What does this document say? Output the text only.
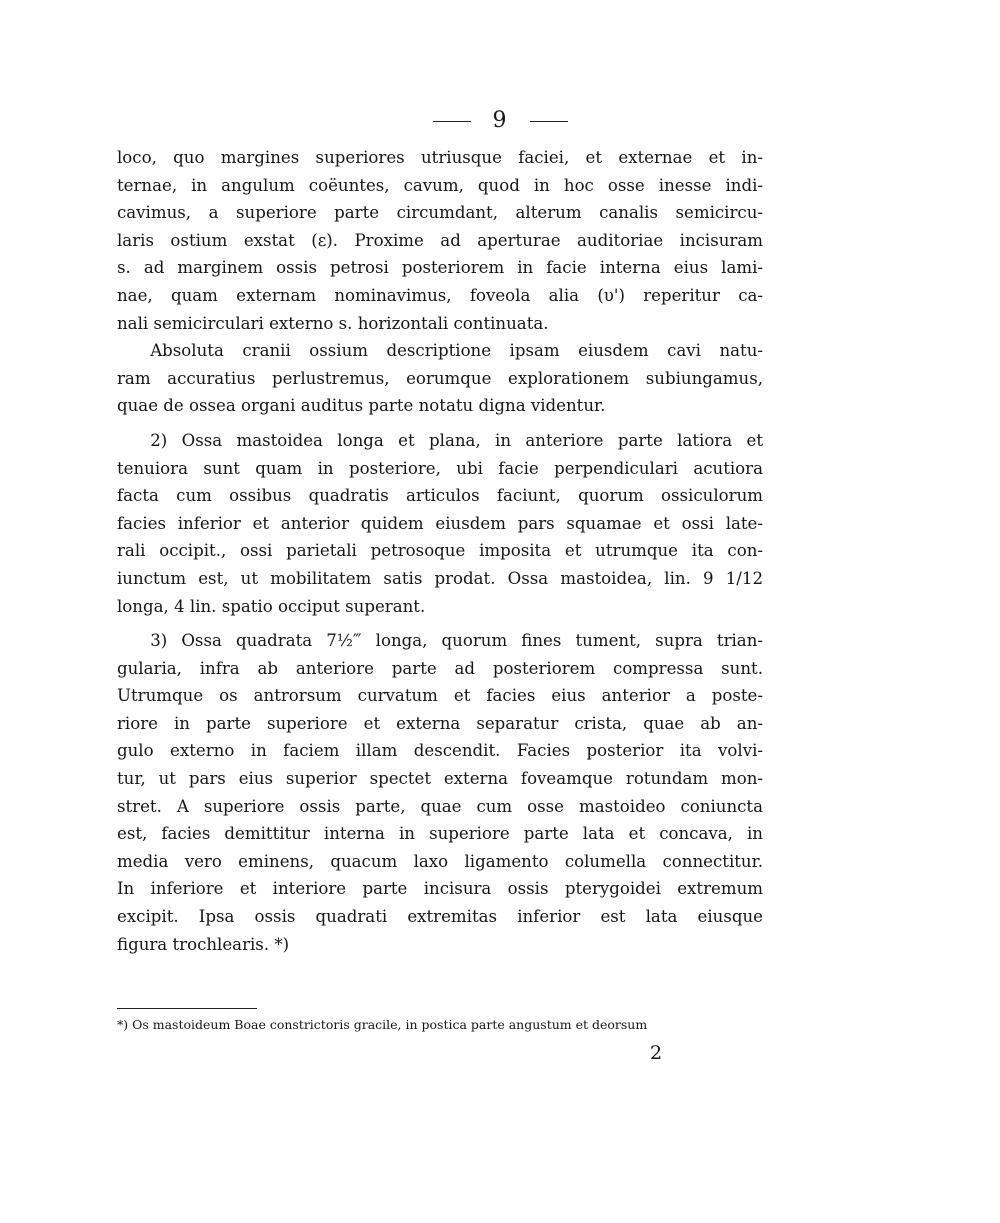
9
loco, quo margines superiores utriusque faciei, et externae et in-
ternae, in angulum coëuntes, cavum, quod in hoc osse inesse indi-
cavimus, a superiore parte circumdant, alterum canalis semicircu-
laris ostium exstat (ε). Proxime ad aperturae auditoriae incisuram
s. ad marginem ossis petrosi posteriorem in facie interna eius lami-
nae, quam externam nominavimus, foveola alia (υ') reperitur ca-
nali semicirculari externo s. horizontali continuata.
Absoluta cranii ossium descriptione ipsam eiusdem cavi natu-
ram accuratius perlustremus, eorumque explorationem subiungamus,
quae de ossea organi auditus parte notatu digna videntur.
2) Ossa mastoidea longa et plana, in anteriore parte latiora et
tenuiora sunt quam in posteriore, ubi facie perpendiculari acutiora
facta cum ossibus quadratis articulos faciunt, quorum ossiculorum
facies inferior et anterior quidem eiusdem pars squamae et ossi late-
rali occipit., ossi parietali petrosoque imposita et utrumque ita con-
iunctum est, ut mobilitatem satis prodat. Ossa mastoidea, lin. 9 1/12
longa, 4 lin. spatio occiput superant.
3) Ossa quadrata 7½‴ longa, quorum fines tument, supra trian-
gularia, infra ab anteriore parte ad posteriorem compressa sunt.
Utrumque os antrorsum curvatum et facies eius anterior a poste-
riore in parte superiore et externa separatur crista, quae ab an-
gulo externo in faciem illam descendit. Facies posterior ita volvi-
tur, ut pars eius superior spectet externa foveamque rotundam mon-
stret. A superiore ossis parte, quae cum osse mastoideo coniuncta
est, facies demittitur interna in superiore parte lata et concava, in
media vero eminens, quacum laxo ligamento columella connectitur.
In inferiore et interiore parte incisura ossis pterygoidei extremum
excipit. Ipsa ossis quadrati extremitas inferior est lata eiusque
figura trochlearis. *)
*) Os mastoideum Boae constrictoris gracile, in postica parte angustum et deorsum
2
